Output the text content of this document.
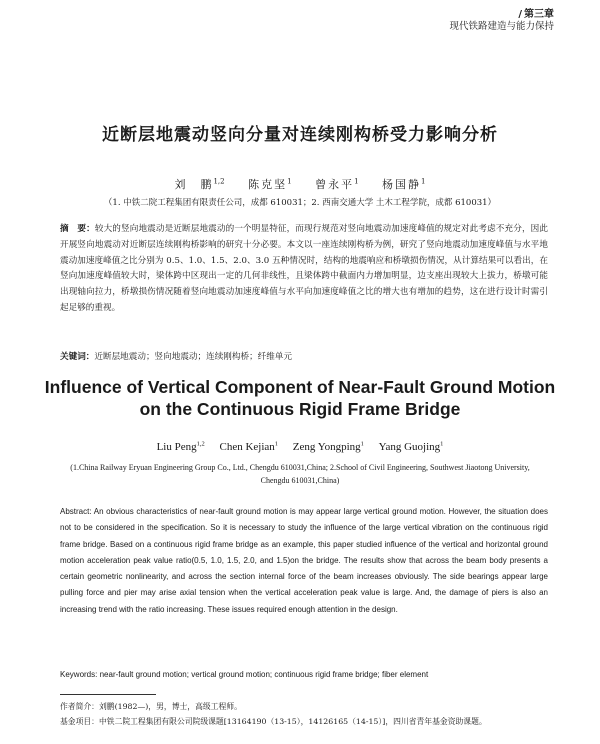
/ 第三章
现代铁路建造与能力保持
近断层地震动竖向分量对连续刚构桥受力影响分析
刘　鹏$^{1,2}$ 陈克坚$^1$ 曾永平$^1$ 杨国静$^1$
（1. 中铁二院工程集团有限责任公司，成都 610031；2. 西南交通大学 土木工程学院，成都 610031）
摘　要：较大的竖向地震动是近断层地震动的一个明显特征，而现行规范对竖向地震动加速度峰值的规定对此考虑不充分，因此开展竖向地震动对近断层连续刚构桥影响的研究十分必要。本文以一座连续刚构桥为例，研究了竖向地震动加速度峰值与水平地震动加速度峰值之比分别为 0.5、1.0、1.5、2.0、3.0 五种情况时，结构的地震响应和桥墩损伤情况，从计算结果可以看出，在竖向加速度峰值较大时，梁体跨中区现出一定的几何非线性，且梁体跨中截面内力增加明显，边支座出现较大上拔力，桥墩可能出现轴向拉力，桥墩损伤情况随着竖向地震动加速度峰值与水平向加速度峰值之比的增大也有增加的趋势，这在进行设计时需引起足够的重视。
关键词：近断层地震动；竖向地震动；连续刚构桥；纤维单元
Influence of Vertical Component of Near-Fault Ground Motion on the Continuous Rigid Frame Bridge
Liu Peng$^{1,2}$ Chen Kejian$^1$ Zeng Yongping$^1$ Yang Guojing$^1$
(1.China Railway Eryuan Engineering Group Co., Ltd., Chengdu 610031,China; 2.School of Civil Engineering, Southwest Jiaotong University, Chengdu 610031,China)
Abstract: An obvious characteristics of near-fault ground motion is may appear large vertical ground motion. However, the situation does not to be considered in the specification. So it is necessary to study the influence of the large vertical vibration on the continuous rigid frame bridge. Based on a continuous rigid frame bridge as an example, this paper studied influence of the vertical and horizontal ground motion acceleration peak value ratio(0.5, 1.0, 1.5, 2.0, and 1.5)on the bridge. The results show that across the beam body presents a certain geometric nonlinearity, and across the section internal force of the beam increases obviously. The side bearings appear large pulling force and pier may arise axial tension when the vertical acceleration peak value is large. And, the damage of piers is also an increasing trend with the ratio increasing. These issues required enough attention in the design.
Keywords: near-fault ground motion; vertical ground motion; continuous rigid frame bridge; fiber element
作者简介：刘鹏(1982—)，男，博士，高级工程师。
基金项目：中铁二院工程集团有限公司院级课题[13164190（13-15），14126165（14-15）]，四川省青年基金资助课题。
